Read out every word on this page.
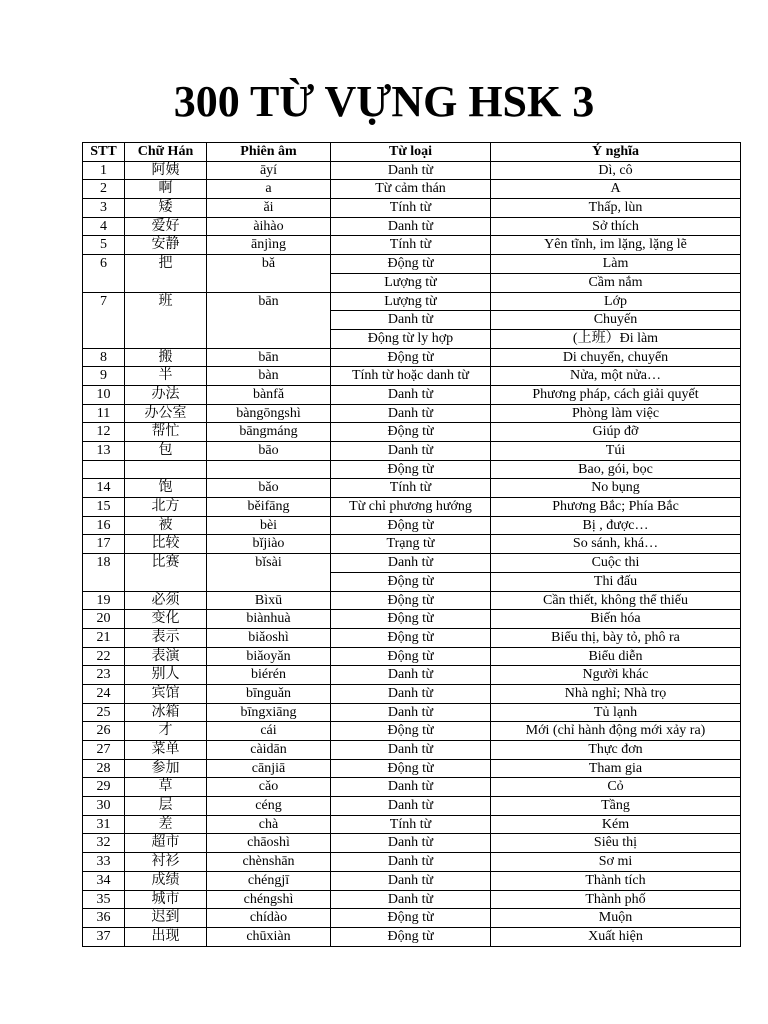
300 TỪ VỰNG HSK 3
STT	Chữ Hán	Phiên âm	Từ loại	Ý nghĩa
1	阿姨	āyí	Danh từ	Dì, cô
2	啊	a	Từ cảm thán	A
3	矮	ǎi	Tính từ	Thấp, lùn
4	爱好	àihào	Danh từ	Sở thích
5	安静	ānjìng	Tính từ	Yên tĩnh, im lặng, lặng lẽ
6	把	bǎ	Động từ	Làm
			Lượng từ	Cầm nắm
7	班	bān	Lượng từ	Lớp
			Danh từ	Chuyến
			Động từ ly hợp	(上班）Đi làm
8	搬	bān	Động từ	Di chuyển, chuyển
9	半	bàn	Tính từ hoặc danh từ	Nửa, một nửa…
10	办法	bànfǎ	Danh từ	Phương pháp, cách giải quyết
11	办公室	bàngōngshì	Danh từ	Phòng làm việc
12	帮忙	bāngmáng	Động từ	Giúp đỡ
13	包	bāo	Danh từ	Túi
			Động từ	Bao, gói, bọc
14	饱	bǎo	Tính từ	No bụng
15	北方	běifāng	Từ chỉ phương hướng	Phương Bắc; Phía Bắc
16	被	bèi	Động từ	Bị , được…
17	比较	bǐjiào	Trạng từ	So sánh, khá…
18	比赛	bǐsài	Danh từ	Cuộc thi
			Động từ	Thi đấu
19	必须	Bìxū	Động từ	Cần thiết, không thể thiếu
20	变化	biànhuà	Động từ	Biến hóa
21	表示	biǎoshì	Động từ	Biểu thị, bày tỏ, phô ra
22	表演	biǎoyǎn	Động từ	Biểu diễn
23	别人	biérén	Danh từ	Người khác
24	宾馆	bīnguǎn	Danh từ	Nhà nghỉ; Nhà trọ
25	冰箱	bīngxiāng	Danh từ	Tủ lạnh
26	才	cái	Động từ	Mới (chỉ hành động mới xảy ra)
27	菜单	càidān	Danh từ	Thực đơn
28	参加	cānjiā	Động từ	Tham gia
29	草	cǎo	Danh từ	Cỏ
30	层	céng	Danh từ	Tầng
31	差	chà	Tính từ	Kém
32	超市	chāoshì	Danh từ	Siêu thị
33	衬衫	chènshān	Danh từ	Sơ mi
34	成绩	chéngjī	Danh từ	Thành tích
35	城市	chéngshì	Danh từ	Thành phố
36	迟到	chídào	Động từ	Muộn
37	出现	chūxiàn	Động từ	Xuất hiện
